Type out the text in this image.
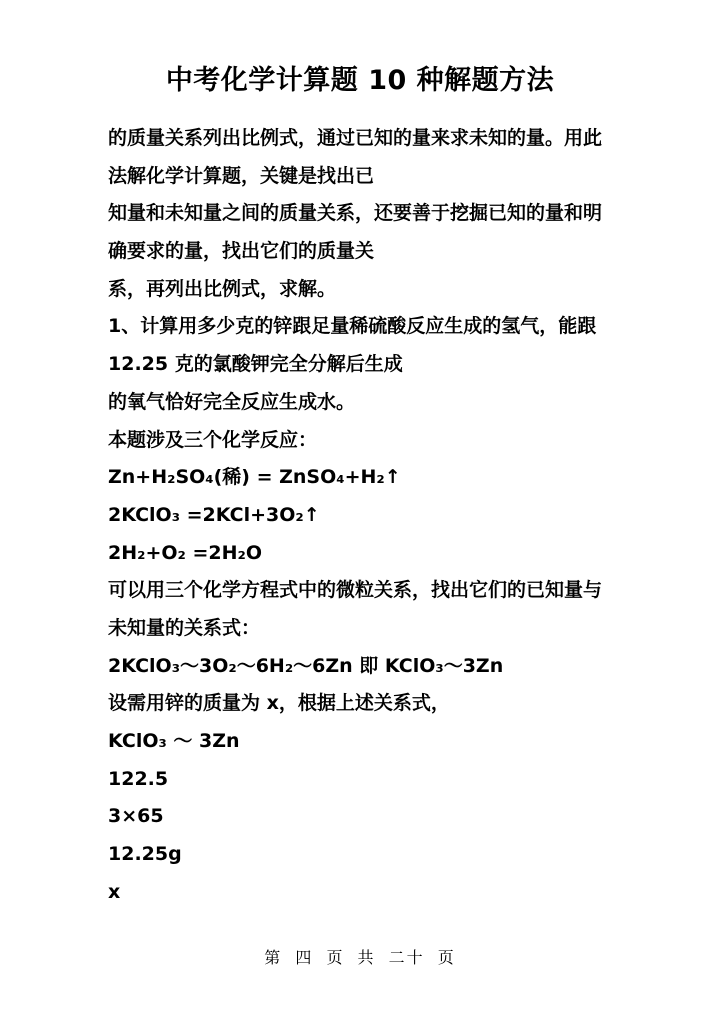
中考化学计算题 10 种解题方法
的质量关系列出比例式，通过已知的量来求未知的量。用此
法解化学计算题，关键是找出已
知量和未知量之间的质量关系，还要善于挖掘已知的量和明
确要求的量，找出它们的质量关
系，再列出比例式，求解。
1、计算用多少克的锌跟足量稀硫酸反应生成的氢气，能跟
12.25 克的氯酸钾完全分解后生成
的氧气恰好完全反应生成水。
本题涉及三个化学反应：
Zn+H₂SO₄(稀) = ZnSO₄+H₂↑
2KClO₃ =2KCl+3O₂↑
2H₂+O₂ =2H₂O
可以用三个化学方程式中的微粒关系，找出它们的已知量与
未知量的关系式：
2KClO₃～3O₂～6H₂～6Zn 即 KClO₃～3Zn
设需用锌的质量为 x，根据上述关系式，
KClO₃ ～ 3Zn
122.5
3×65
12.25g
x
第 四 页 共 二十 页
